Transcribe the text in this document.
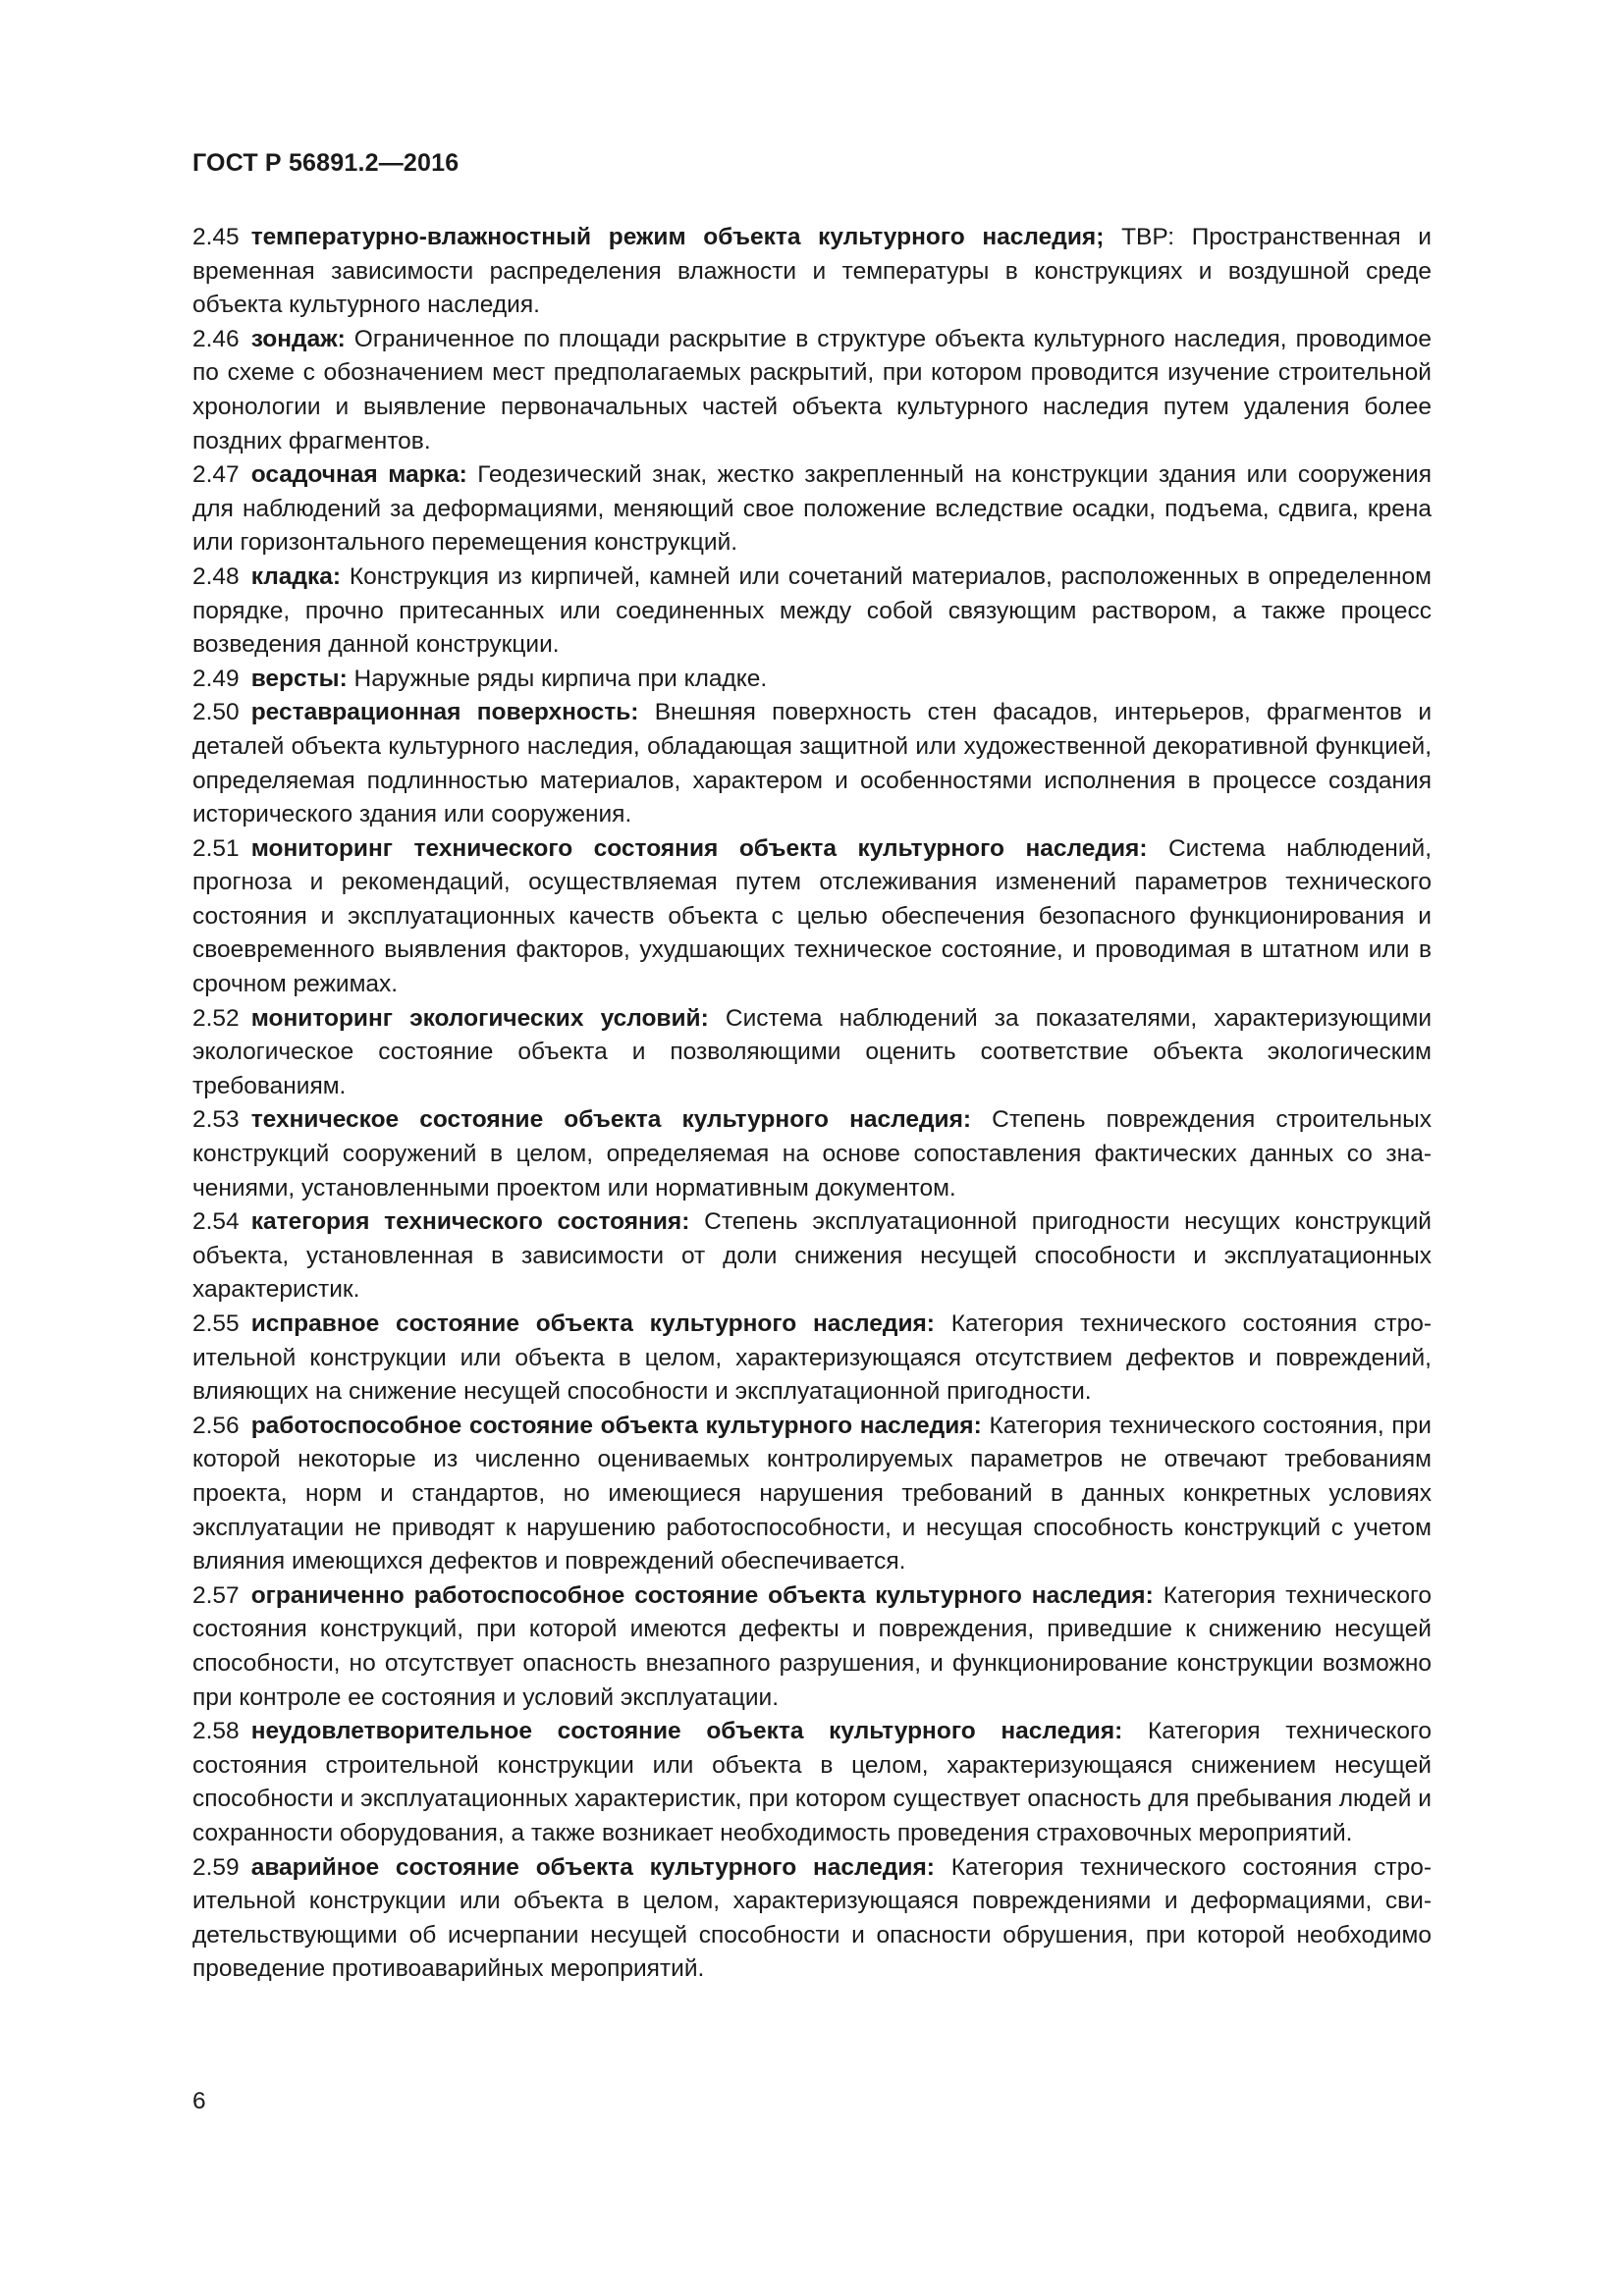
ГОСТ Р 56891.2—2016

2.45 температурно-влажностный режим объекта культурного наследия; ТВР: Пространственная и временная зависимости распределения влажности и температуры в конструкциях и воздушной среде объекта культурного наследия.

2.46 зондаж: Ограниченное по площади раскрытие в структуре объекта культурного наследия, проводимое по схеме с обозначением мест предполагаемых раскрытий, при котором проводится изучение строительной хронологии и выявление первоначальных частей объекта культурного наследия путем удаления более поздних фрагментов.

2.47 осадочная марка: Геодезический знак, жестко закрепленный на конструкции здания или сооружения для наблюдений за деформациями, меняющий свое положение вследствие осадки, подъема, сдвига, крена или горизонтального перемещения конструкций.

2.48 кладка: Конструкция из кирпичей, камней или сочетаний материалов, расположенных в определенном порядке, прочно притесанных или соединенных между собой связующим раствором, а также процесс возведения данной конструкции.

2.49 версты: Наружные ряды кирпича при кладке.

2.50 реставрационная поверхность: Внешняя поверхность стен фасадов, интерьеров, фрагментов и деталей объекта культурного наследия, обладающая защитной или художественной декоративной функцией, определяемая подлинностью материалов, характером и особенностями исполнения в процессе создания исторического здания или сооружения.

2.51 мониторинг технического состояния объекта культурного наследия: Система наблюдений, прогноза и рекомендаций, осуществляемая путем отслеживания изменений параметров технического состояния и эксплуатационных качеств объекта с целью обеспечения безопасного функционирования и своевременного выявления факторов, ухудшающих техническое состояние, и проводимая в штатном или в срочном режимах.

2.52 мониторинг экологических условий: Система наблюдений за показателями, характеризующими экологическое состояние объекта и позволяющими оценить соответствие объекта экологическим требованиям.

2.53 техническое состояние объекта культурного наследия: Степень повреждения строительных конструкций сооружений в целом, определяемая на основе сопоставления фактических данных со значениями, установленными проектом или нормативным документом.

2.54 категория технического состояния: Степень эксплуатационной пригодности несущих конструкций объекта, установленная в зависимости от доли снижения несущей способности и эксплуатационных характеристик.

2.55 исправное состояние объекта культурного наследия: Категория технического состояния строительной конструкции или объекта в целом, характеризующаяся отсутствием дефектов и повреждений, влияющих на снижение несущей способности и эксплуатационной пригодности.

2.56 работоспособное состояние объекта культурного наследия: Категория технического состояния, при которой некоторые из численно оцениваемых контролируемых параметров не отвечают требованиям проекта, норм и стандартов, но имеющиеся нарушения требований в данных конкретных условиях эксплуатации не приводят к нарушению работоспособности, и несущая способность конструкций с учетом влияния имеющихся дефектов и повреждений обеспечивается.

2.57 ограниченно работоспособное состояние объекта культурного наследия: Категория технического состояния конструкций, при которой имеются дефекты и повреждения, приведшие к снижению несущей способности, но отсутствует опасность внезапного разрушения, и функционирование конструкции возможно при контроле ее состояния и условий эксплуатации.

2.58 неудовлетворительное состояние объекта культурного наследия: Категория технического состояния строительной конструкции или объекта в целом, характеризующаяся снижением несущей способности и эксплуатационных характеристик, при котором существует опасность для пребывания людей и сохранности оборудования, а также возникает необходимость проведения страховочных мероприятий.

2.59 аварийное состояние объекта культурного наследия: Категория технического состояния строительной конструкции или объекта в целом, характеризующаяся повреждениями и деформациями, свидетельствующими об исчерпании несущей способности и опасности обрушения, при которой необходимо проведение противоаварийных мероприятий.

6
